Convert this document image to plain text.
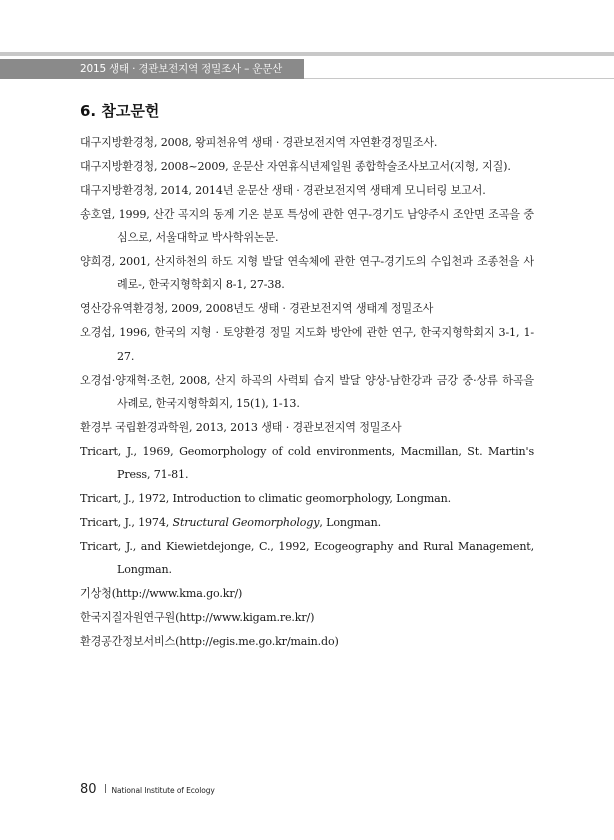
2015 생태 · 경관보전지역 정밀조사 – 운문산
6. 참고문헌

대구지방환경청, 2008, 왕피천유역 생태 · 경관보전지역 자연환경정밀조사.

대구지방환경청, 2008~2009, 운문산 자연휴식년제일원 종합학술조사보고서(지형, 지질).

대구지방환경청, 2014, 2014년 운문산 생태 · 경관보전지역 생태계 모니터링 보고서.

송호열, 1999, 산간 곡지의 동계 기온 분포 특성에 관한 연구-경기도 남양주시 조안면 조곡을 중심으로, 서울대학교 박사학위논문.

양희경, 2001, 산지하천의 하도 지형 발달 연속체에 관한 연구-경기도의 수입천과 조종천을 사례로-, 한국지형학회지 8-1, 27-38.

영산강유역환경청, 2009, 2008년도 생태 · 경관보전지역 생태계 정밀조사

오경섭, 1996, 한국의 지형 · 토양환경 정밀 지도화 방안에 관한 연구, 한국지형학회지 3-1, 1-27.

오경섭·양재혁·조헌, 2008, 산지 하곡의 사력퇴 습지 발달 양상-남한강과 금강 중·상류 하곡을 사례로, 한국지형학회지, 15(1), 1-13.

환경부 국립환경과학원, 2013, 2013 생태 · 경관보전지역 정밀조사

Tricart, J., 1969, Geomorphology of cold environments, Macmillan, St. Martin's Press, 71-81.

Tricart, J., 1972, Introduction to climatic geomorphology, Longman.

Tricart, J., 1974, Structural Geomorphology, Longman.

Tricart, J., and Kiewietdejonge, C., 1992, Ecogeography and Rural Management, Longman.

기상청(http://www.kma.go.kr/)

한국지질자원연구원(http://www.kigam.re.kr/)

환경공간정보서비스(http://egis.me.go.kr/main.do)

80 National Institute of Ecology
